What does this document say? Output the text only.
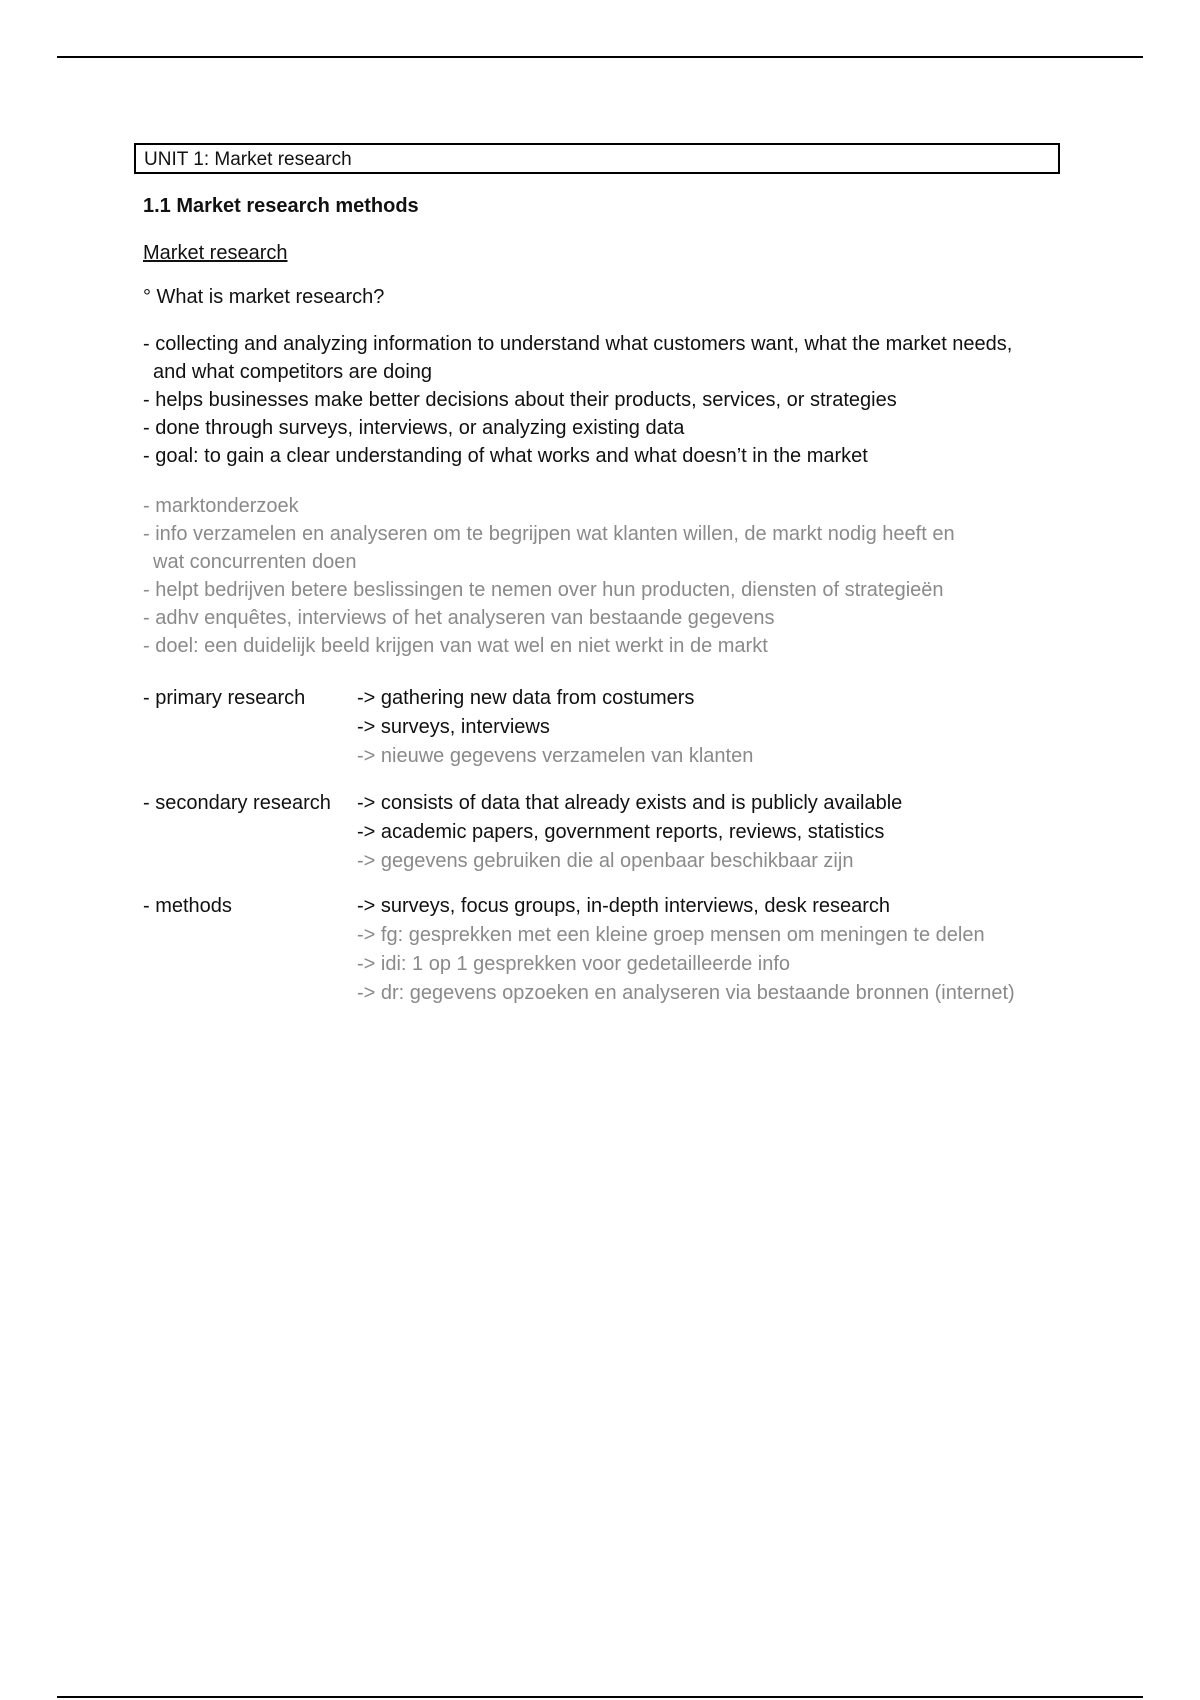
UNIT 1: Market research
1.1 Market research methods
Market research
° What is market research?
- collecting and analyzing information to understand what customers want, what the market needs,
and what competitors are doing
- helps businesses make better decisions about their products, services, or strategies
- done through surveys, interviews, or analyzing existing data
- goal: to gain a clear understanding of what works and what doesn’t in the market
- marktonderzoek
- info verzamelen en analyseren om te begrijpen wat klanten willen, de markt nodig heeft en
wat concurrenten doen
- helpt bedrijven betere beslissingen te nemen over hun producten, diensten of strategieën
- adhv enquêtes, interviews of het analyseren van bestaande gegevens
- doel: een duidelijk beeld krijgen van wat wel en niet werkt in de markt
- primary research	-> gathering new data from costumers
-> surveys, interviews
-> nieuwe gegevens verzamelen van klanten
- secondary research	-> consists of data that already exists and is publicly available
-> academic papers, government reports, reviews, statistics
-> gegevens gebruiken die al openbaar beschikbaar zijn
- methods	-> surveys, focus groups, in-depth interviews, desk research
-> fg: gesprekken met een kleine groep mensen om meningen te delen
-> idi: 1 op 1 gesprekken voor gedetailleerde info
-> dr: gegevens opzoeken en analyseren via bestaande bronnen (internet)
